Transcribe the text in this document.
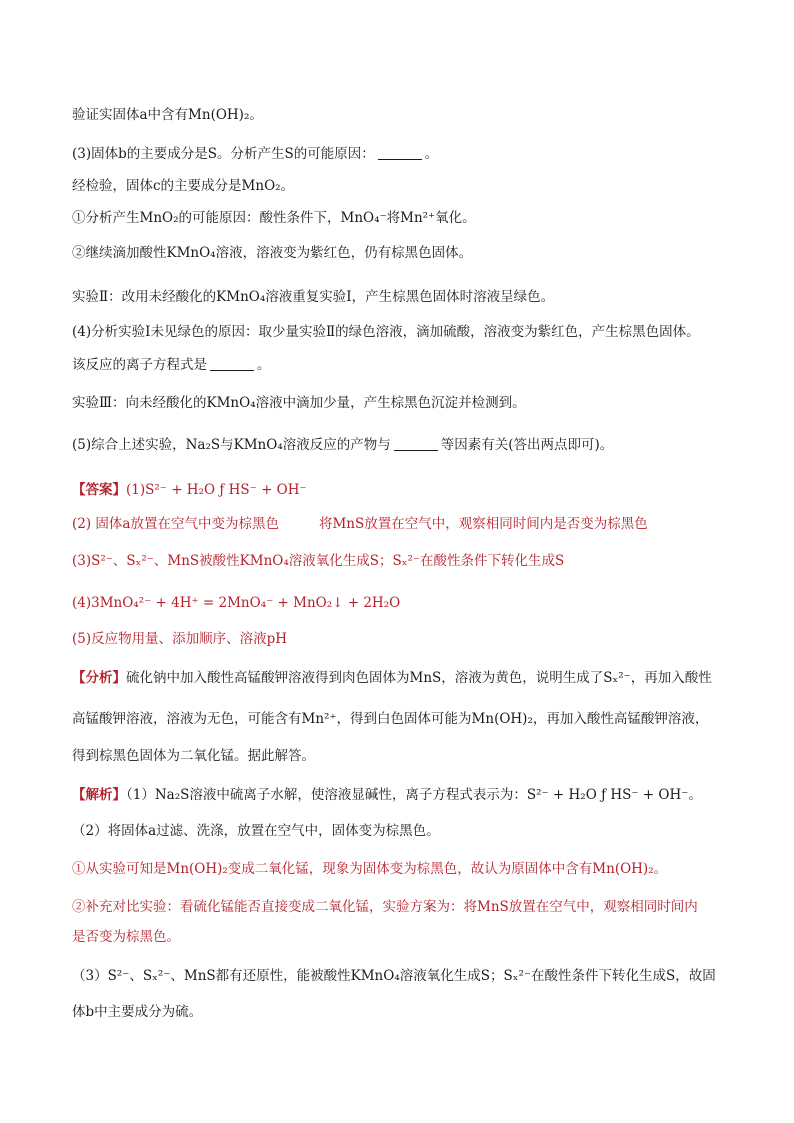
验证实固体a中含有Mn(OH)₂。
(3)固体b的主要成分是S。分析产生S的可能原因：	。
经检验，固体c的主要成分是MnO₂。
①分析产生MnO₂的可能原因：酸性条件下，MnO₄⁻将Mn²⁺氧化。
②继续滴加酸性KMnO₄溶液，溶液变为紫红色，仍有棕黑色固体。
实验Ⅱ：改用未经酸化的KMnO₄溶液重复实验Ⅰ，产生棕黑色固体时溶液呈绿色。
(4)分析实验Ⅰ未见绿色的原因：取少量实验Ⅱ的绿色溶液，滴加硫酸，溶液变为紫红色，产生棕黑色固体。
该反应的离子方程式是	。
实验Ⅲ：向未经酸化的KMnO₄溶液中滴加少量，产生棕黑色沉淀并检测到。
(5)综合上述实验，Na₂S与KMnO₄溶液反应的产物与	等因素有关(答出两点即可)。
【答案】(1)S²⁻ + H₂O ƒ HS⁻ + OH⁻
(2) 固体a放置在空气中变为棕黑色	将MnS放置在空气中，观察相同时间内是否变为棕黑色
(3)S²⁻、Sₓ²⁻、MnS被酸性KMnO₄溶液氧化生成S；Sₓ²⁻在酸性条件下转化生成S
(4)3MnO₄²⁻ + 4H⁺ = 2MnO₄⁻ + MnO₂↓ + 2H₂O
(5)反应物用量、添加顺序、溶液pH
【分析】硫化钠中加入酸性高锰酸钾溶液得到肉色固体为MnS，溶液为黄色，说明生成了Sₓ²⁻，再加入酸性
高锰酸钾溶液，溶液为无色，可能含有Mn²⁺，得到白色固体可能为Mn(OH)₂，再加入酸性高锰酸钾溶液，
得到棕黑色固体为二氧化锰。据此解答。
【解析】（1）Na₂S溶液中硫离子水解，使溶液显碱性，离子方程式表示为：S²⁻ + H₂O ƒ HS⁻ + OH⁻。
（2）将固体a过滤、洗涤，放置在空气中，固体变为棕黑色。
①从实验可知是Mn(OH)₂变成二氧化锰，现象为固体变为棕黑色，故认为原固体中含有Mn(OH)₂。
②补充对比实验：看硫化锰能否直接变成二氧化锰，实验方案为：将MnS放置在空气中，观察相同时间内
是否变为棕黑色。
（3）S²⁻、Sₓ²⁻、MnS都有还原性，能被酸性KMnO₄溶液氧化生成S；Sₓ²⁻在酸性条件下转化生成S，故固
体b中主要成分为硫。
